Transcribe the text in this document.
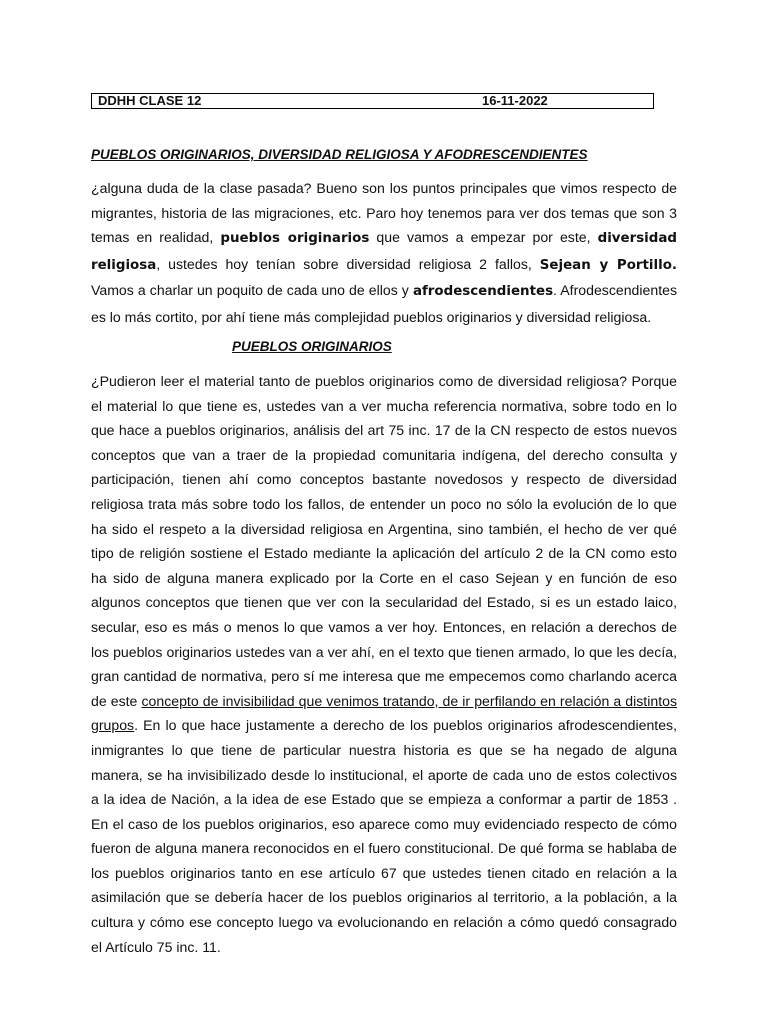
DDHH CLASE 12	16-11-2022
PUEBLOS ORIGINARIOS, DIVERSIDAD RELIGIOSA Y AFODRESCENDIENTES

¿alguna duda de la clase pasada? Bueno son los puntos principales que vimos respecto de migrantes, historia de las migraciones, etc. Paro hoy tenemos para ver dos temas que son 3 temas en realidad, pueblos originarios que vamos a empezar por este, diversidad religiosa, ustedes hoy tenían sobre diversidad religiosa 2 fallos, Sejean y Portillo. Vamos a charlar un poquito de cada uno de ellos y afrodescendientes. Afrodescendientes es lo más cortito, por ahí tiene más complejidad pueblos originarios y diversidad religiosa.

PUEBLOS ORIGINARIOS

¿Pudieron leer el material tanto de pueblos originarios como de diversidad religiosa? Porque el material lo que tiene es, ustedes van a ver mucha referencia normativa, sobre todo en lo que hace a pueblos originarios, análisis del art 75 inc. 17 de la CN respecto de estos nuevos conceptos que van a traer de la propiedad comunitaria indígena, del derecho consulta y participación, tienen ahí como conceptos bastante novedosos y respecto de diversidad religiosa trata más sobre todo los fallos, de entender un poco no sólo la evolución de lo que ha sido el respeto a la diversidad religiosa en Argentina, sino también, el hecho de ver qué tipo de religión sostiene el Estado mediante la aplicación del artículo 2 de la CN como esto ha sido de alguna manera explicado por la Corte en el caso Sejean y en función de eso algunos conceptos que tienen que ver con la secularidad del Estado, si es un estado laico, secular, eso es más o menos lo que vamos a ver hoy. Entonces, en relación a derechos de los pueblos originarios ustedes van a ver ahí, en el texto que tienen armado, lo que les decía, gran cantidad de normativa, pero sí me interesa que me empecemos como charlando acerca de este concepto de invisibilidad que venimos tratando, de ir perfilando en relación a distintos grupos. En lo que hace justamente a derecho de los pueblos originarios afrodescendientes, inmigrantes lo que tiene de particular nuestra historia es que se ha negado de alguna manera, se ha invisibilizado desde lo institucional, el aporte de cada uno de estos colectivos a la idea de Nación, a la idea de ese Estado que se empieza a conformar a partir de 1853 . En el caso de los pueblos originarios, eso aparece como muy evidenciado respecto de cómo fueron de alguna manera reconocidos en el fuero constitucional. De qué forma se hablaba de los pueblos originarios tanto en ese artículo 67 que ustedes tienen citado en relación a la asimilación que se debería hacer de los pueblos originarios al territorio, a la población, a la cultura y cómo ese concepto luego va evolucionando en relación a cómo quedó consagrado el Artículo 75 inc. 11.
